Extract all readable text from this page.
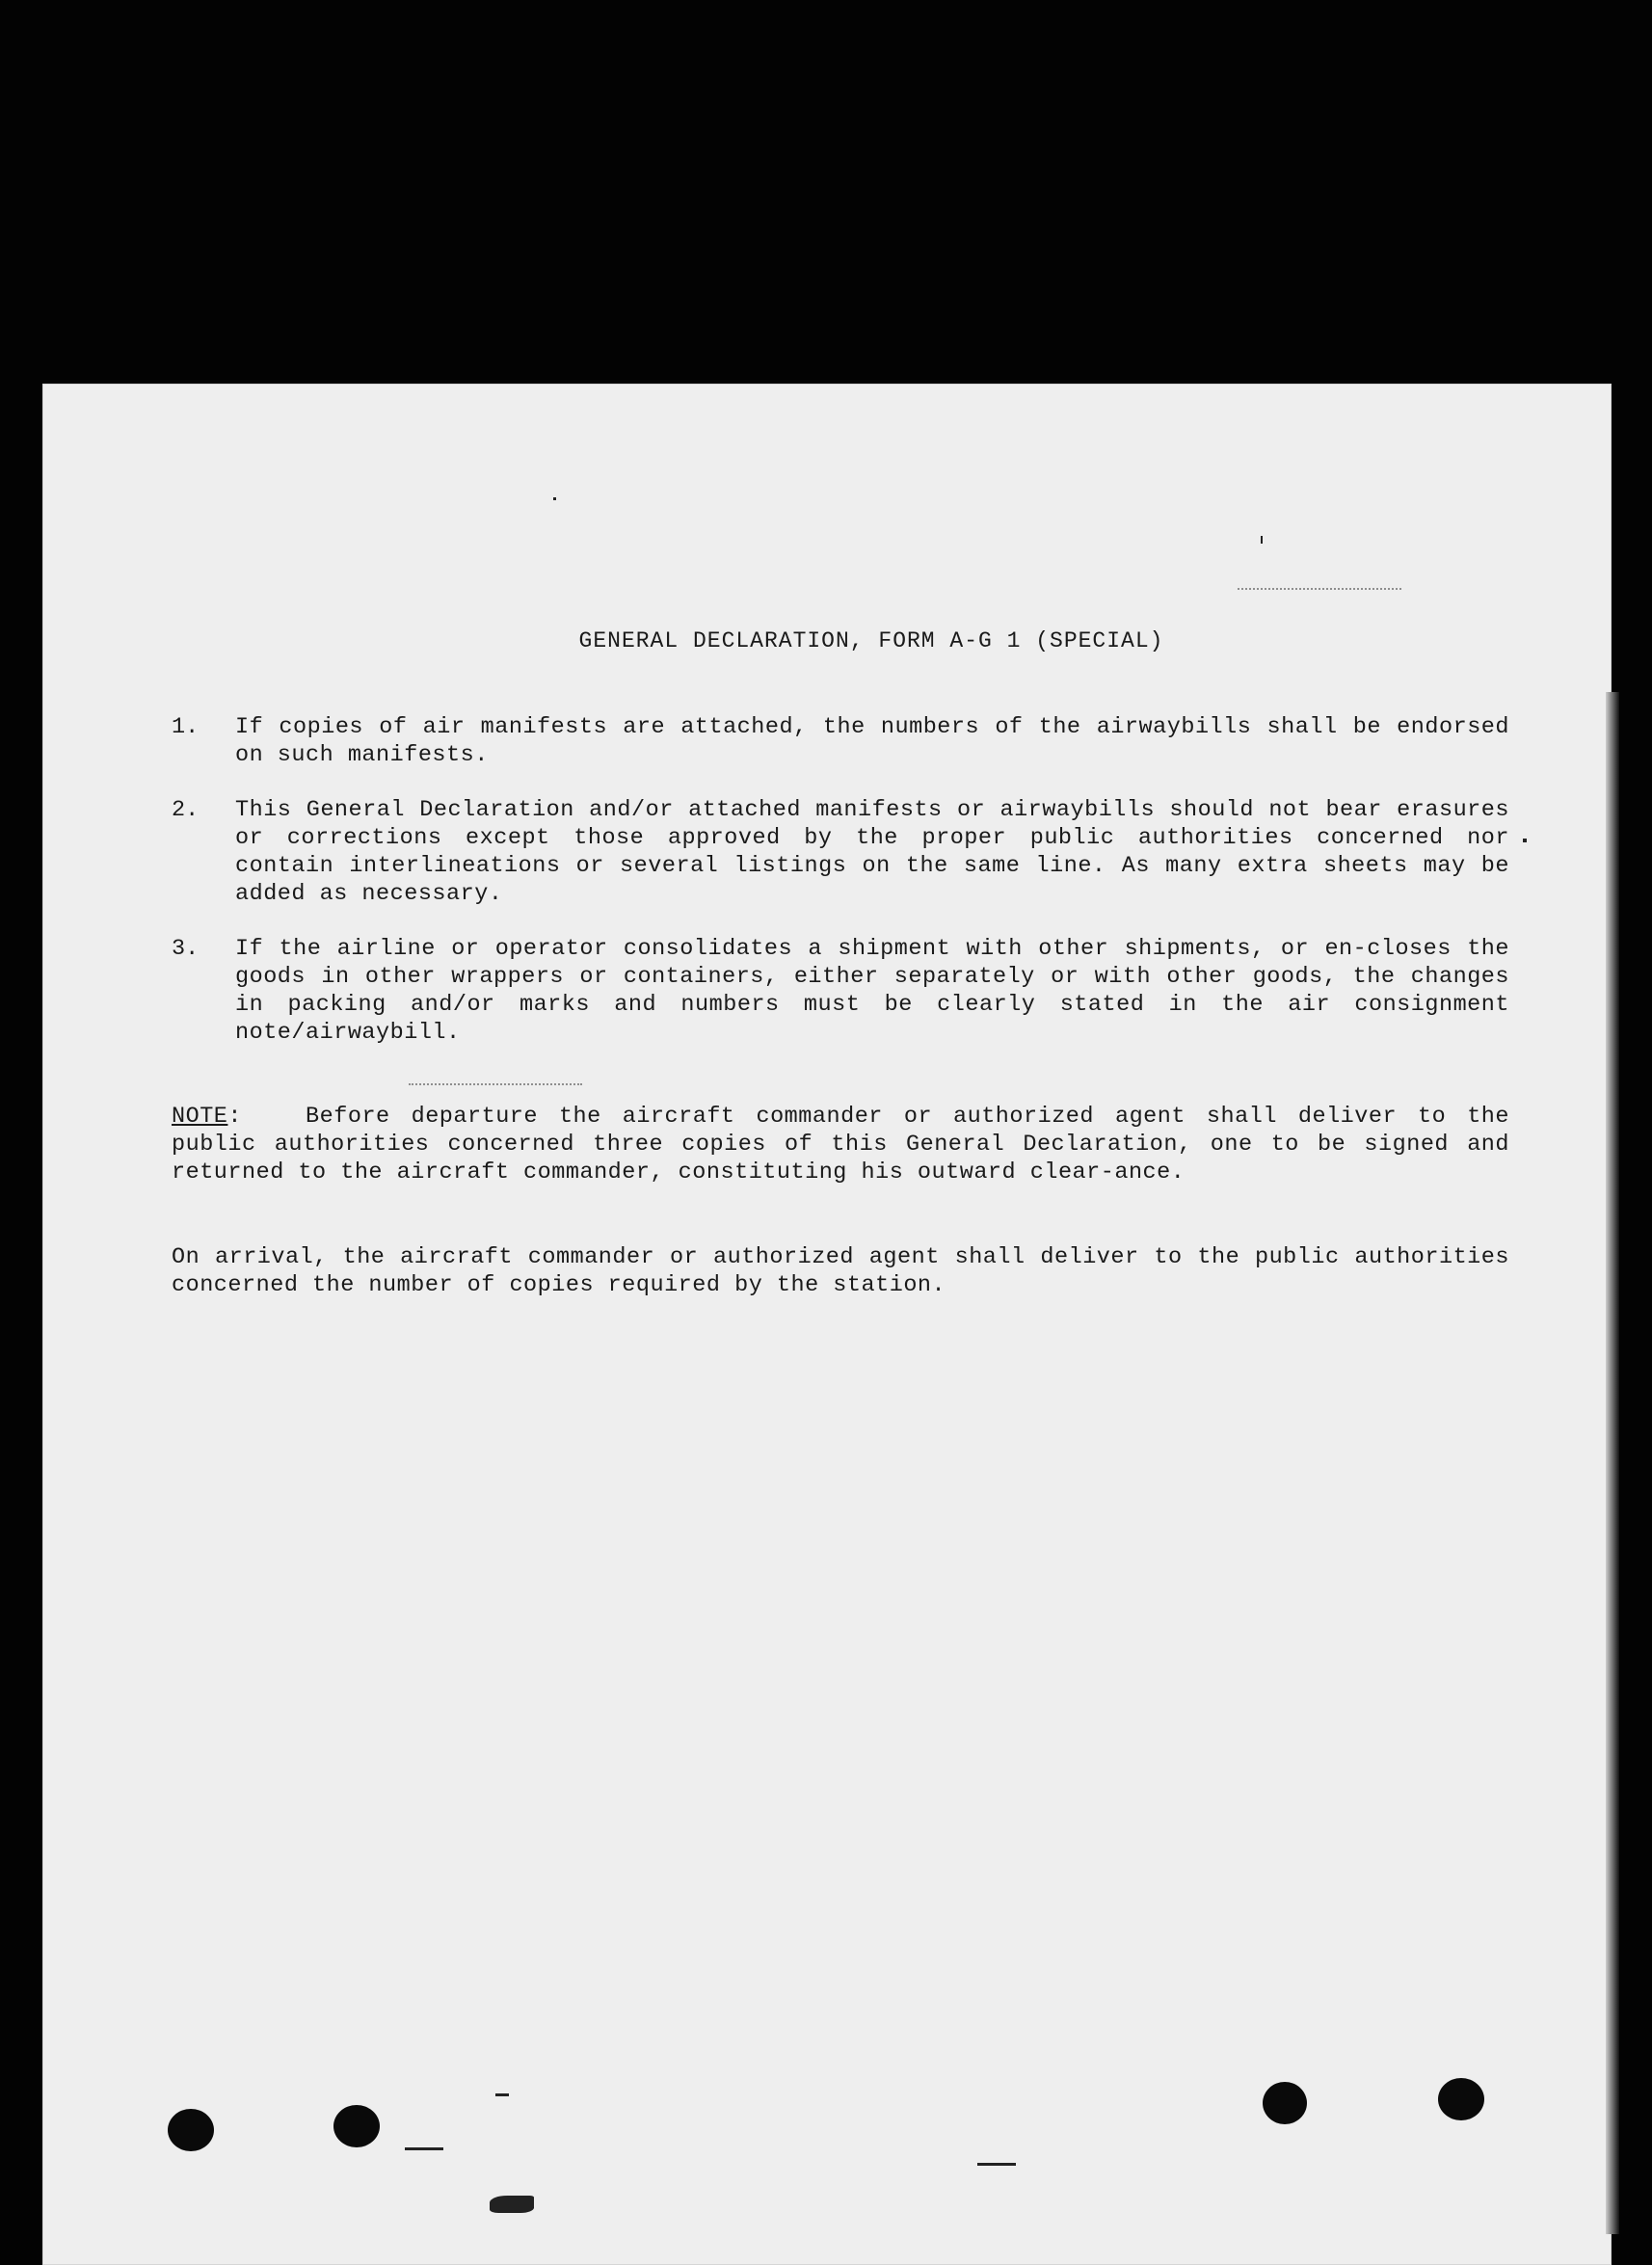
GENERAL DECLARATION, FORM A-G 1 (SPECIAL)
1. If copies of air manifests are attached, the numbers of the airwaybills shall be endorsed on such manifests.
2. This General Declaration and/or attached manifests or airwaybills should not bear erasures or corrections except those approved by the proper public authorities concerned nor contain interlineations or several listings on the same line. As many extra sheets may be added as necessary.
3. If the airline or operator consolidates a shipment with other shipments, or en-closes the goods in other wrappers or containers, either separately or with other goods, the changes in packing and/or marks and numbers must be clearly stated in the air consignment note/airwaybill.
NOTE:	Before departure the aircraft commander or authorized agent shall deliver to the public authorities concerned three copies of this General Declaration, one to be signed and returned to the aircraft commander, constituting his outward clear-ance.
On arrival, the aircraft commander or authorized agent shall deliver to the public authorities concerned the number of copies required by the station.
